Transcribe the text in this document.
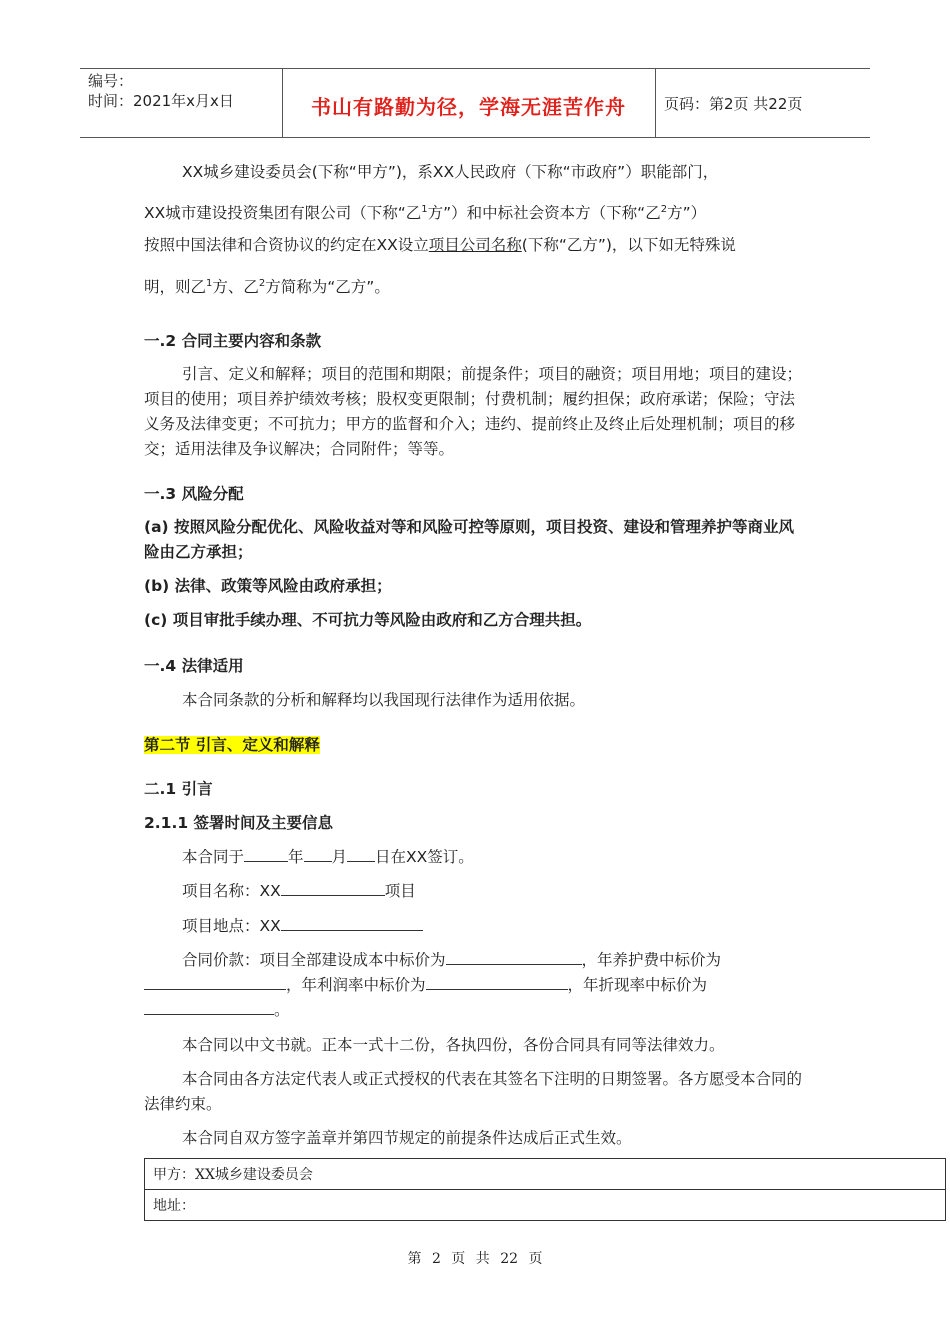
编号：
时间：2021年x月x日	书山有路勤为径，学海无涯苦作舟	页码：第2页 共22页

XX城乡建设委员会(下称“甲方”)，系XX人民政府（下称“市政府”）职能部门，

XX城市建设投资集团有限公司（下称“乙$^1$方”）和中标社会资本方（下称“乙$^2$方”）

按照中国法律和合资协议的约定在XX设立项目公司名称(下称“乙方”)，以下如无特殊说

明，则乙$^1$方、乙$^2$方简称为“乙方”。

一.2 合同主要内容和条款

引言、定义和解释；项目的范围和期限；前提条件；项目的融资；项目用地；项目的建设；项目的使用；项目养护绩效考核；股权变更限制；付费机制；履约担保；政府承诺；保险；守法义务及法律变更；不可抗力；甲方的监督和介入；违约、提前终止及终止后处理机制；项目的移交；适用法律及争议解决；合同附件；等等。

一.3 风险分配

(a) 按照风险分配优化、风险收益对等和风险可控等原则，项目投资、建设和管理养护等商业风险由乙方承担；

(b) 法律、政策等风险由政府承担；

(c) 项目审批手续办理、不可抗力等风险由政府和乙方合理共担。

一.4 法律适用

本合同条款的分析和解释均以我国现行法律作为适用依据。

第二节 引言、定义和解释

二.1 引言

2.1.1 签署时间及主要信息

本合同于	年 月 日在XX签订。

项目名称：XX	项目

项目地点：XX

合同价款：项目全部建设成本中标价为	，年养护费中标价为，年利润率中标价为	，年折现率中标价为。

本合同以中文书就。正本一式十二份，各执四份，各份合同具有同等法律效力。

本合同由各方法定代表人或正式授权的代表在其签名下注明的日期签署。各方愿受本合同的法律约束。

本合同自双方签字盖章并第四节规定的前提条件达成后正式生效。

甲方：XX城乡建设委员会
地址：
第 2 页 共 22 页
